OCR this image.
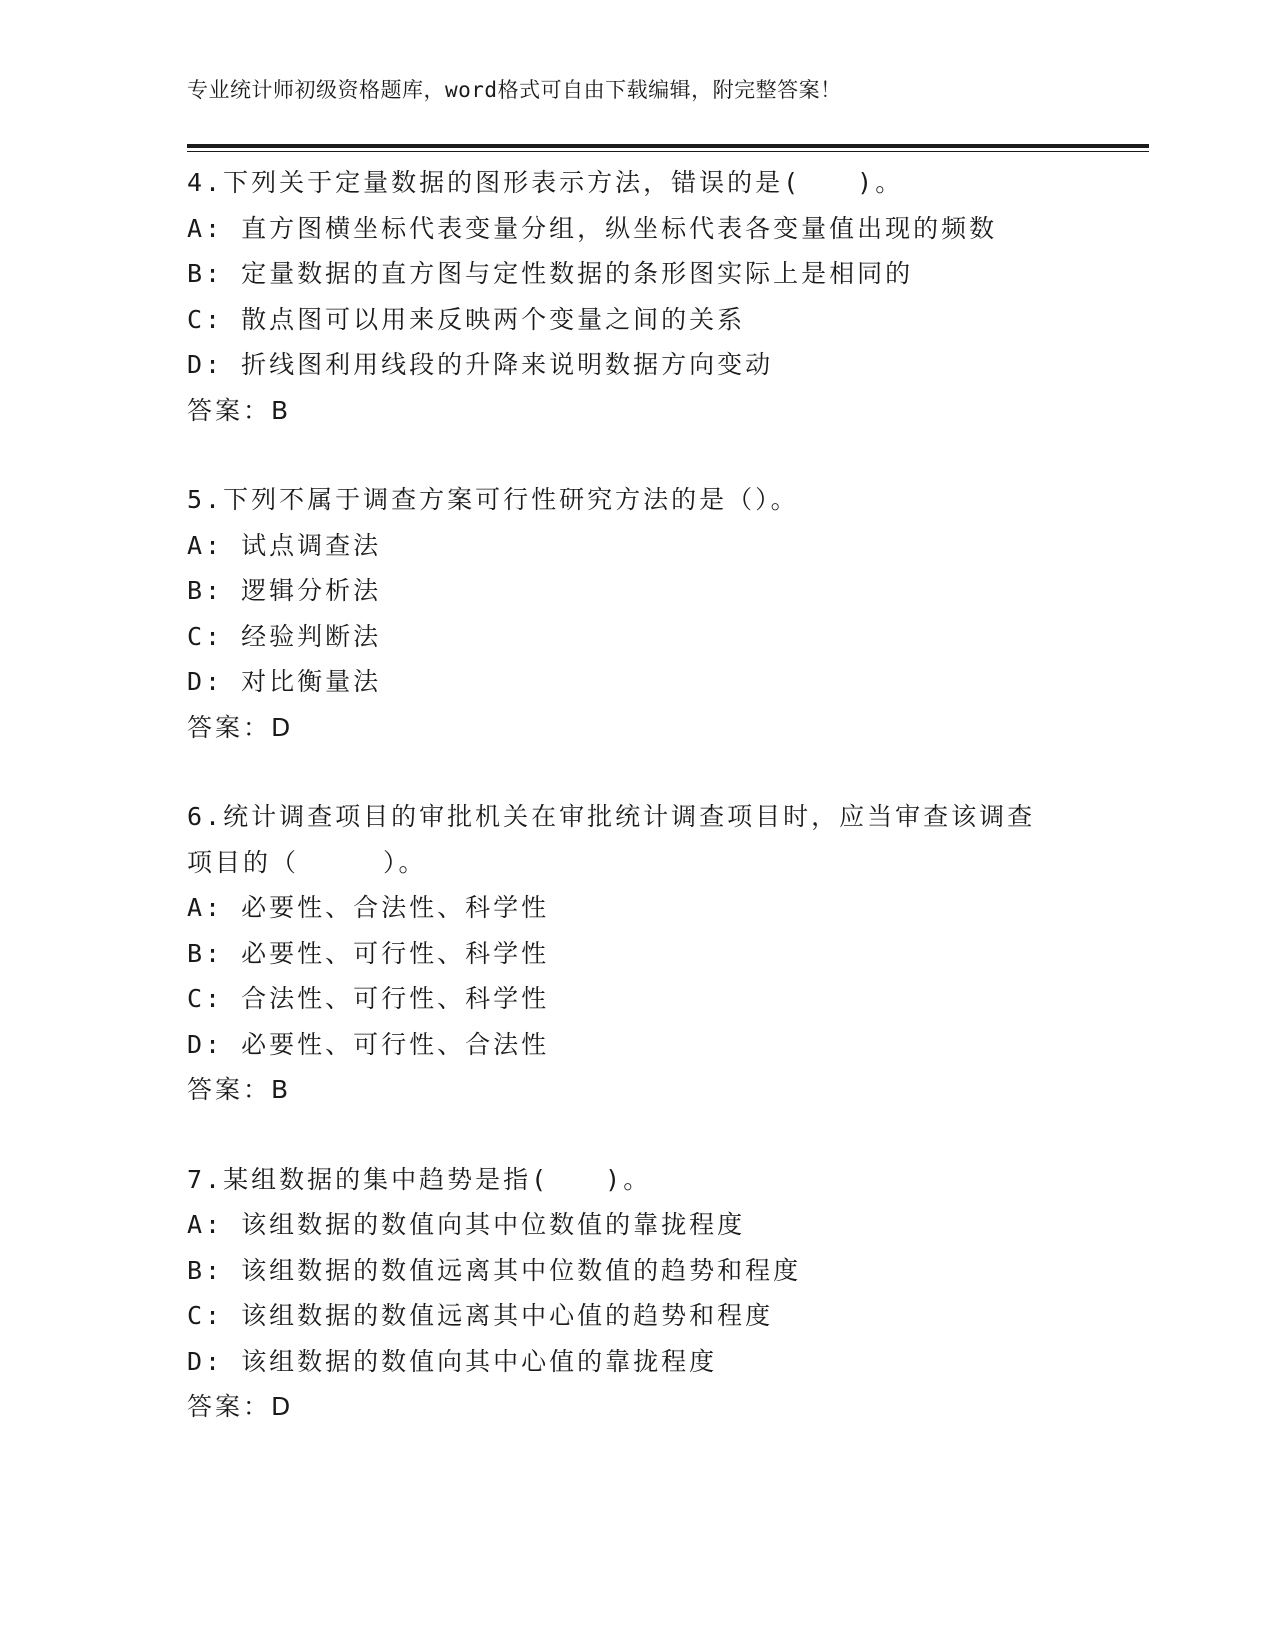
专业统计师初级资格题库，word格式可自由下载编辑，附完整答案！
4.下列关于定量数据的图形表示方法，错误的是(　　)。
A: 直方图横坐标代表变量分组，纵坐标代表各变量值出现的频数
B: 定量数据的直方图与定性数据的条形图实际上是相同的
C: 散点图可以用来反映两个变量之间的关系
D: 折线图利用线段的升降来说明数据方向变动
答案：B
5.下列不属于调查方案可行性研究方法的是（）。
A: 试点调查法
B: 逻辑分析法
C: 经验判断法
D: 对比衡量法
答案：D
6.统计调查项目的审批机关在审批统计调查项目时，应当审查该调查
项目的（　　　）。
A: 必要性、合法性、科学性
B: 必要性、可行性、科学性
C: 合法性、可行性、科学性
D: 必要性、可行性、合法性
答案：B
7.某组数据的集中趋势是指(　　)。
A: 该组数据的数值向其中位数值的靠拢程度
B: 该组数据的数值远离其中位数值的趋势和程度
C: 该组数据的数值远离其中心值的趋势和程度
D: 该组数据的数值向其中心值的靠拢程度
答案：D
